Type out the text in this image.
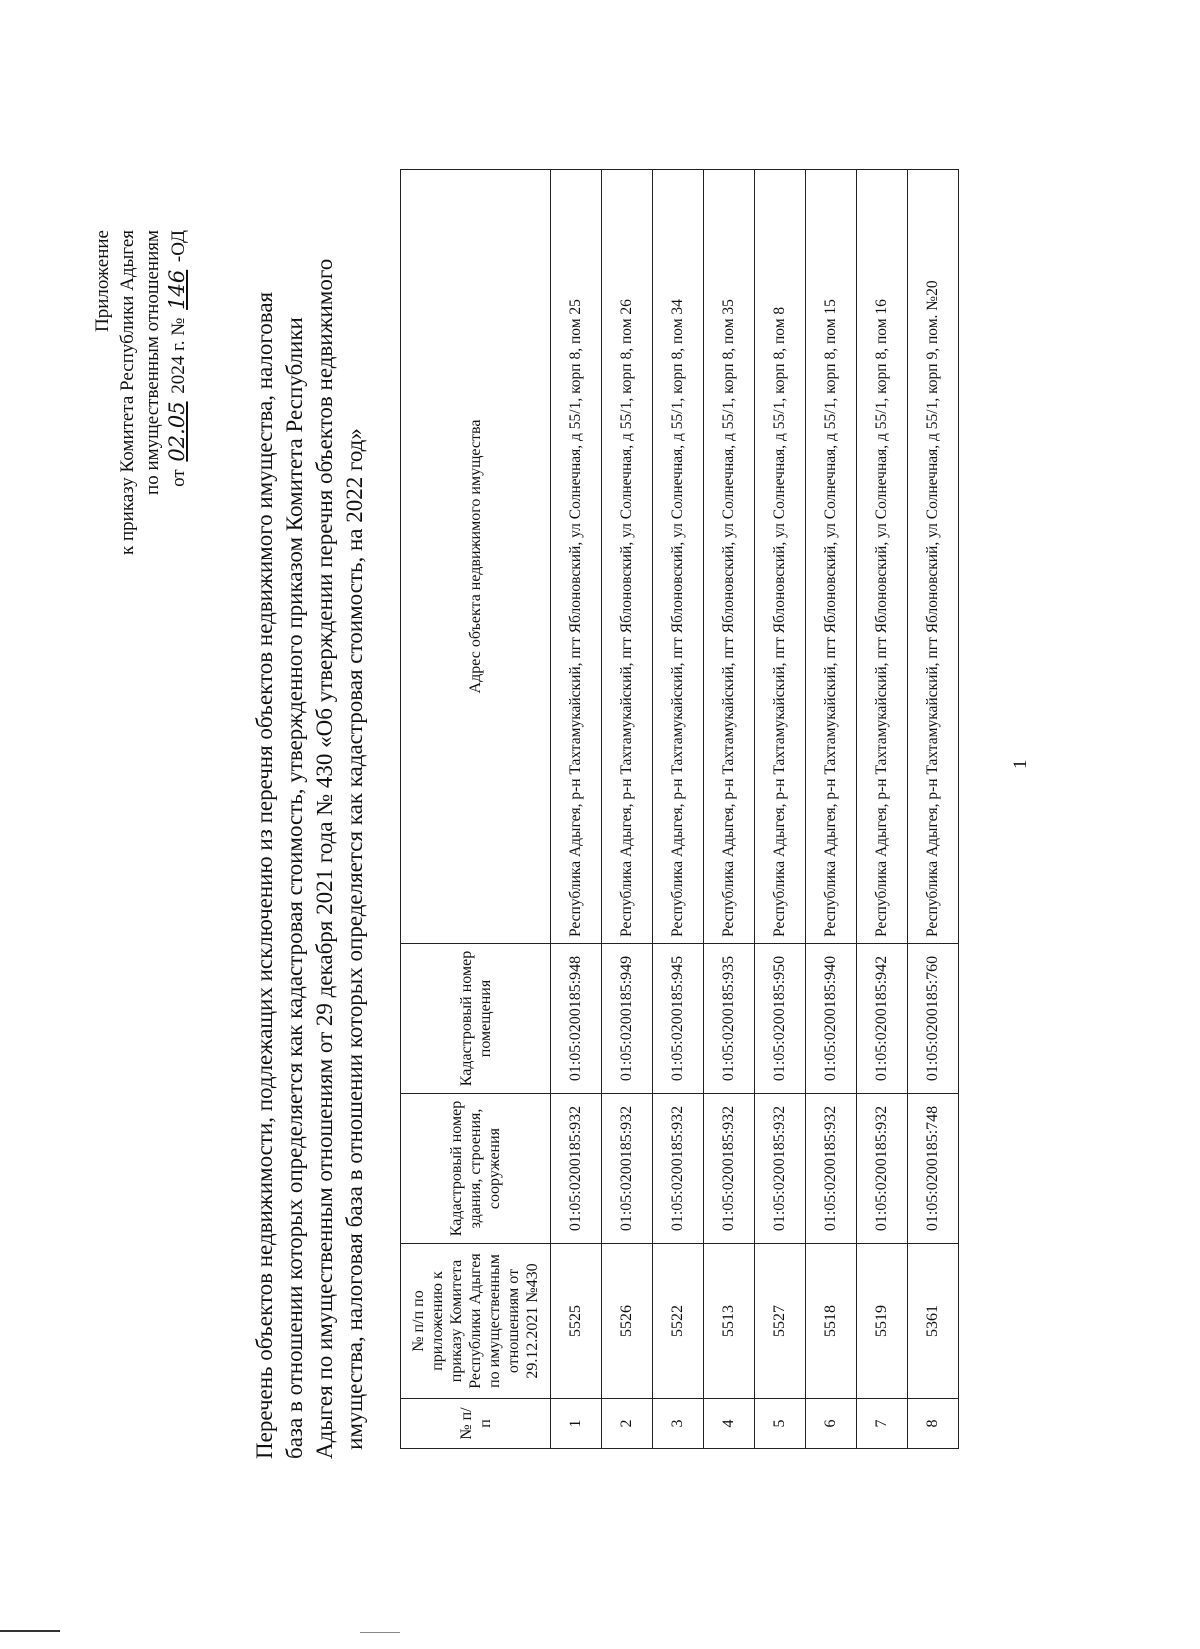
Приложение к приказу Комитета Республики Адыгея по имущественным отношениям от 02.05 2024 г. № 146 -ОД
Перечень объектов недвижимости, подлежащих исключению из перечня объектов недвижимого имущества, налоговая база в отношении которых определяется как кадастровая стоимость, утвержденного приказом Комитета Республики Адыгея по имущественным отношениям от 29 декабря 2021 года № 430 «Об утверждении перечня объектов недвижимого имущества, налоговая база в отношении которых определяется как кадастровая стоимость, на 2022 год»	№ п/п	№ п/п по приложению к приказу Комитета Республики Адыгея по имущественным отношениям от 29.12.2021 №430	Кадастровый номер здания, строения, сооружения	Кадастровый номер помещения	Адрес объекта недвижимого имущества
1	5525	01:05:0200185:932	01:05:0200185:948	Республика Адыгея, р-н Тахтамукайский, пгт Яблоновский, ул Солнечная, д 55/1, корп 8, пом 25
2	5526	01:05:0200185:932	01:05:0200185:949	Республика Адыгея, р-н Тахтамукайский, пгт Яблоновский, ул Солнечная, д 55/1, корп 8, пом 26
3	5522	01:05:0200185:932	01:05:0200185:945	Республика Адыгея, р-н Тахтамукайский, пгт Яблоновский, ул Солнечная, д 55/1, корп 8, пом 34
4	5513	01:05:0200185:932	01:05:0200185:935	Республика Адыгея, р-н Тахтамукайский, пгт Яблоновский, ул Солнечная, д 55/1, корп 8, пом 35
5	5527	01:05:0200185:932	01:05:0200185:950	Республика Адыгея, р-н Тахтамукайский, пгт Яблоновский, ул Солнечная, д 55/1, корп 8, пом 8
6	5518	01:05:0200185:932	01:05:0200185:940	Республика Адыгея, р-н Тахтамукайский, пгт Яблоновский, ул Солнечная, д 55/1, корп 8, пом 15
7	5519	01:05:0200185:932	01:05:0200185:942	Республика Адыгея, р-н Тахтамукайский, пгт Яблоновский, ул Солнечная, д 55/1, корп 8, пом 16
8	5361	01:05:0200185:748	01:05:0200185:760	Республика Адыгея, р-н Тахтамукайский, пгт Яблоновский, ул Солнечная, д 55/1, корп 9, пом. №20	1
